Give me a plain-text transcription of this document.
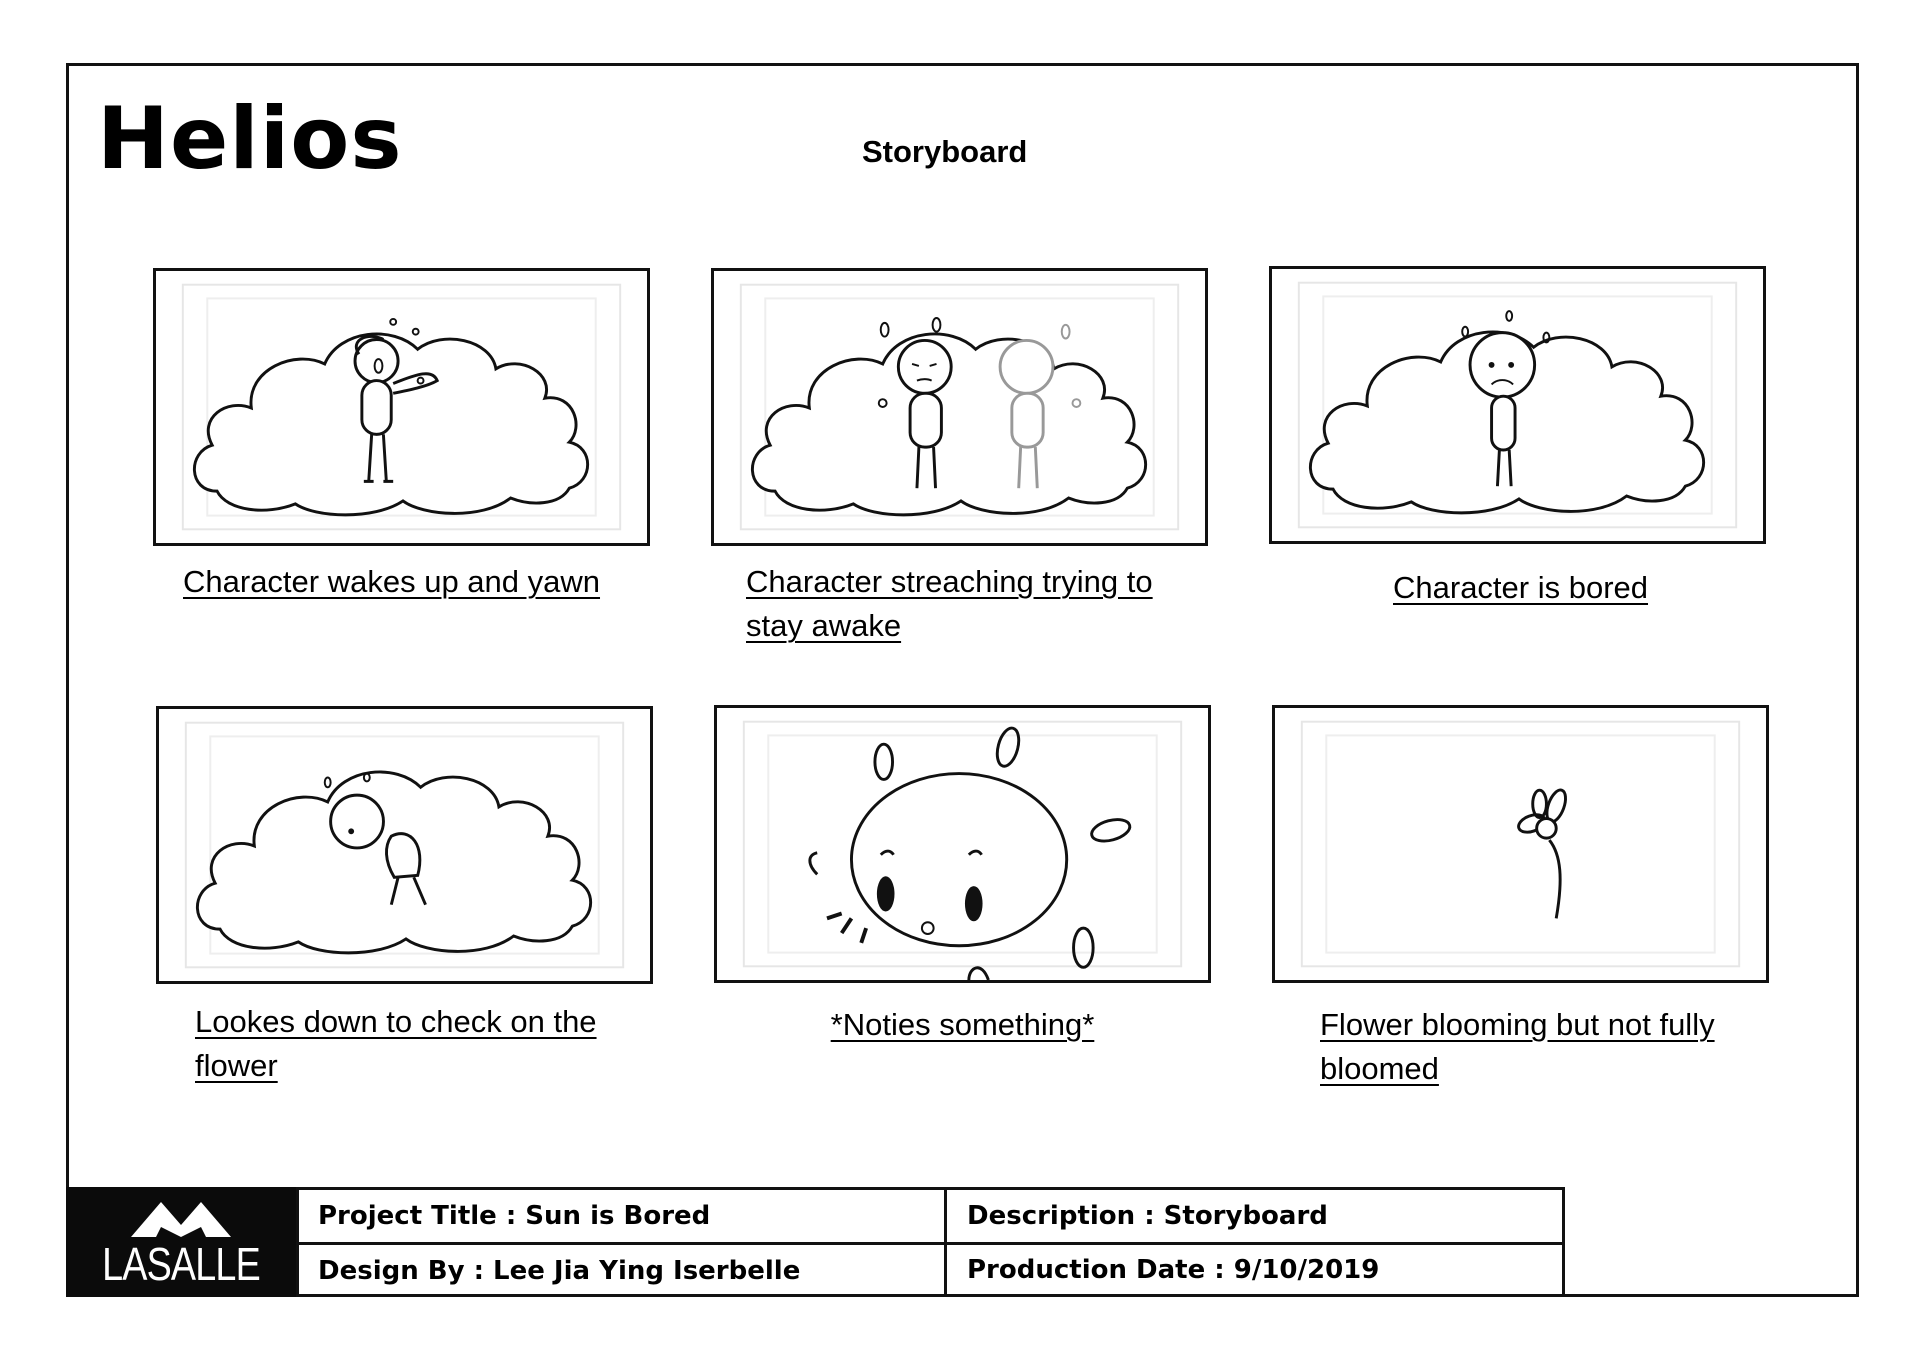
Helios	Storyboard
Character wakes up and yawn	Character streaching trying to stay awake
Character is bored
Lookes down to check on the flower
*Noties something*	Flower blooming but not fully bloomed
LASALLE
Project Title : Sun is Bored	Description : Storyboard
Design By : Lee Jia Ying Iserbelle	Production Date : 9/10/2019
